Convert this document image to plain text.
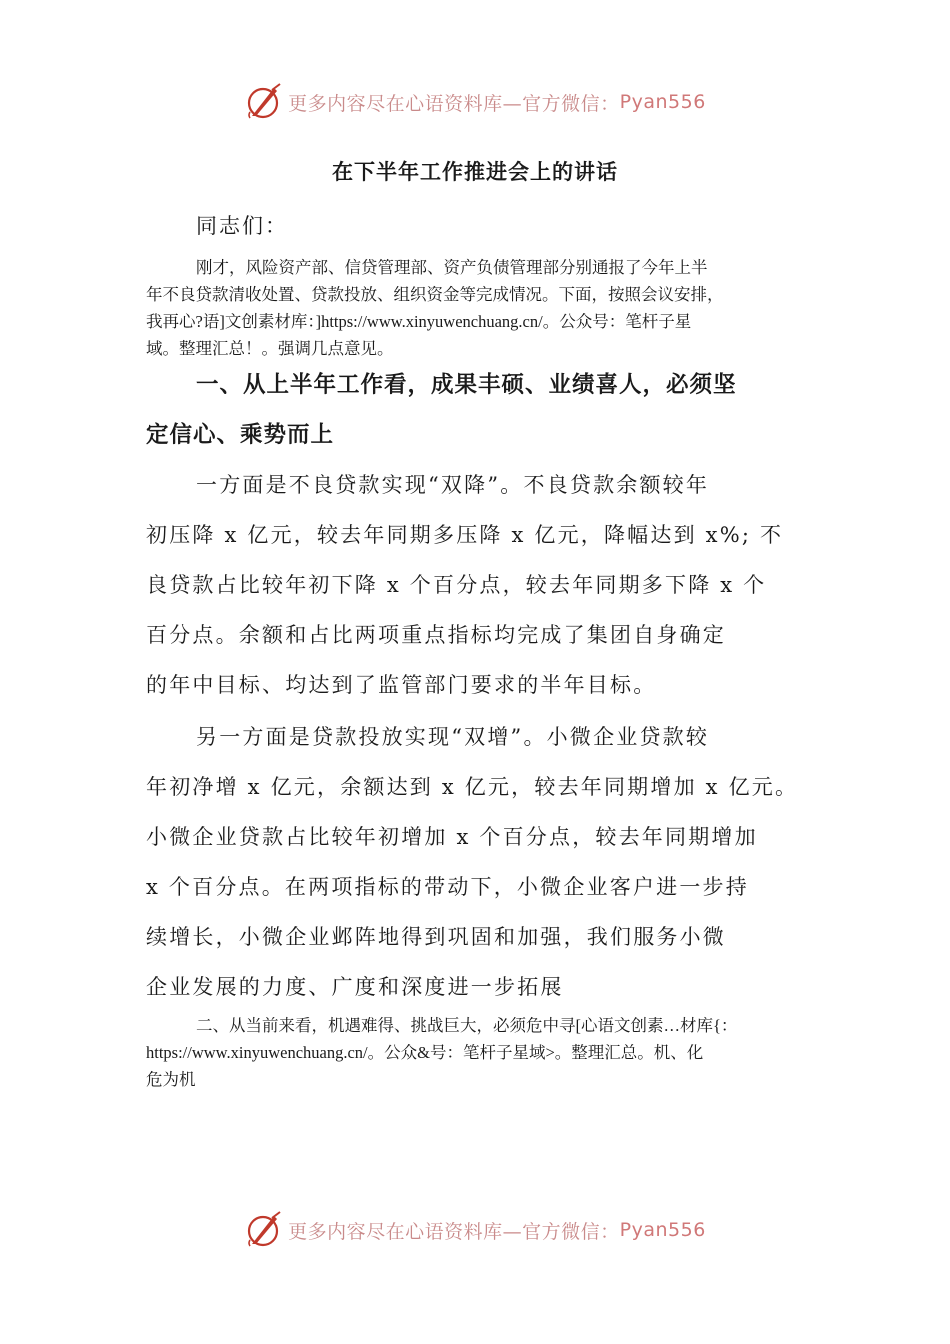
更多内容尽在心语资料库—官方微信： Pyan556
在下半年工作推进会上的讲话

同志们：

刚才，风险资产部、信贷管理部、资产负债管理部分别通报了今年上半
年不良贷款清收处置、贷款投放、组织资金等完成情况。下面，按照会议安排，
我再心?语]文创素材库：]https://www.xinyuwenchuang.cn/。公众号：笔杆子星
域。整理汇总！。强调几点意见。

一、从上半年工作看，成果丰硕、业绩喜人，必须坚
定信心、乘势而上

一方面是不良贷款实现“双降”。不良贷款余额较年
初压降 x 亿元，较去年同期多压降 x 亿元，降幅达到 x%; 不
良贷款占比较年初下降 x 个百分点，较去年同期多下降 x 个
百分点。余额和占比两项重点指标均完成了集团自身确定
的年中目标、均达到了监管部门要求的半年目标。

另一方面是贷款投放实现“双增”。小微企业贷款较
年初净增 x 亿元，余额达到 x 亿元，较去年同期增加 x 亿元。
小微企业贷款占比较年初增加 x 个百分点，较去年同期增加
x 个百分点。在两项指标的带动下，小微企业客户进一步持
续增长，小微企业邺阵地得到巩固和加强，我们服务小微
企业发展的力度、广度和深度进一步拓展

二、从当前来看，机遇难得、挑战巨大，必须危中寻[心语文创素…材库{：
https://www.xinyuwenchuang.cn/。公众&号：笔杆子星域>。整理汇总。机、化
危为机

更多内容尽在心语资料库—官方微信： Pyan556
